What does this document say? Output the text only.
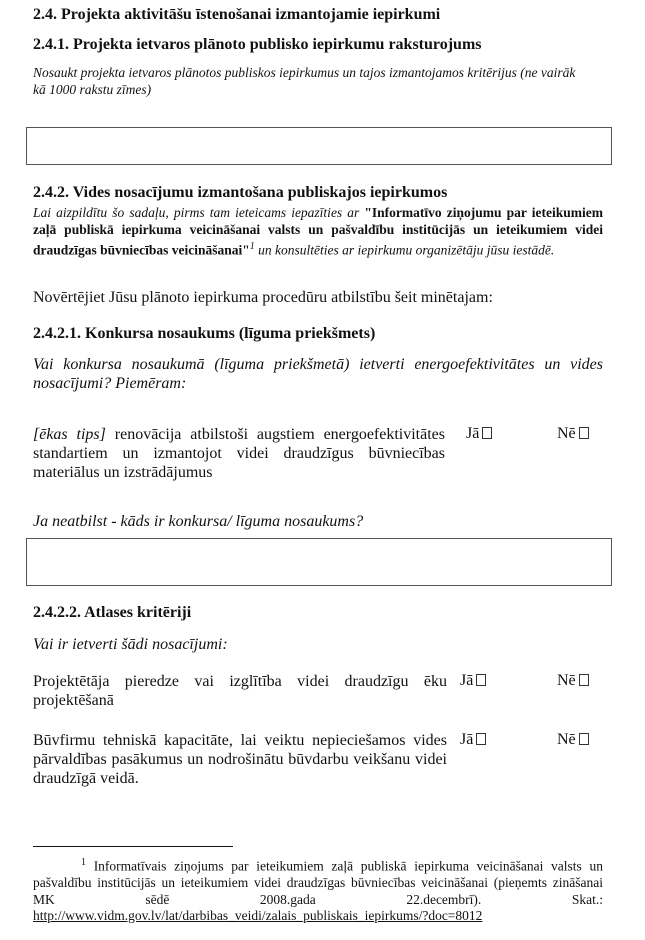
2.4. Projekta aktivitāšu īstenošanai izmantojamie iepirkumi
2.4.1. Projekta ietvaros plānoto publisko iepirkumu raksturojums
Nosaukt projekta ietvaros plānotos publiskos iepirkumus un tajos izmantojamos kritērijus (ne vairāk kā 1000 rakstu zīmes)
2.4.2. Vides nosacījumu izmantošana publiskajos iepirkumos
Lai aizpildītu šo sadaļu, pirms tam ieteicams iepazīties ar "Informatīvo ziņojumu par ieteikumiem zaļā publiskā iepirkuma veicināšanai valsts un pašvaldību institūcijās un ieteikumiem videi draudzīgas būvniecības veicināšanai"$^1$ un konsultēties ar iepirkumu organizētāju jūsu iestādē.
Novērtējiet Jūsu plānoto iepirkuma procedūru atbilstību šeit minētajam:
2.4.2.1. Konkursa nosaukums (līguma priekšmets)
Vai konkursa nosaukumā (līguma priekšmetā) ietverti energoefektivitātes un vides nosacījumi? Piemēram:
[ēkas tips] renovācija atbilstoši augstiem energoefektivitātes standartiem un izmantojot videi draudzīgus būvniecības materiālus un izstrādājumus
Jā	Nē
Ja neatbilst - kāds ir konkursa/ līguma nosaukums?
2.4.2.2. Atlases kritēriji
Vai ir ietverti šādi nosacījumi:
Projektētāja pieredze vai izglītība videi draudzīgu ēku projektēšanā
Jā	Nē
Būvfirmu tehniskā kapacitāte, lai veiktu nepieciešamos vides pārvaldības pasākumus un nodrošinātu būvdarbu veikšanu videi draudzīgā veidā.
Jā	Nē
$^1$ Informatīvais ziņojums par ieteikumiem zaļā publiskā iepirkuma veicināšanai valsts un pašvaldību institūcijās un ieteikumiem videi draudzīgas būvniecības veicināšanai (pieņemts zināšanai MK sēdē 2008.gada 22.decembrī). Skat.: http://www.vidm.gov.lv/lat/darbibas_veidi/zalais_publiskais_iepirkums/?doc=8012
